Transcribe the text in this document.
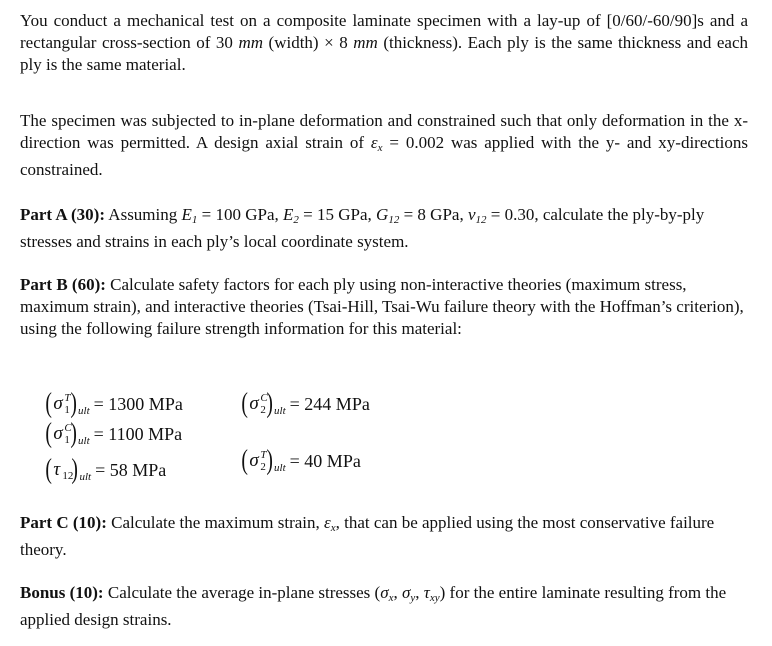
You conduct a mechanical test on a composite laminate specimen with a lay-up of [0/60/-60/90]s and a rectangular cross-section of 30 mm (width) × 8 mm (thickness). Each ply is the same thickness and each ply is the same material.

The specimen was subjected to in-plane deformation and constrained such that only deformation in the x-direction was permitted. A design axial strain of $\varepsilon_x = 0.002$ was applied with the y- and xy-directions constrained.

Part A (30): Assuming $E_1 = 100$ GPa, $E_2 = 15$ GPa, $G_{12} = 8$ GPa, $\nu_{12} = 0.30$, calculate the ply-by-ply stresses and strains in each ply’s local coordinate system.

Part B (60): Calculate safety factors for each ply using non-interactive theories (maximum stress, maximum strain), and interactive theories (Tsai-Hill, Tsai-Wu failure theory with the Hoffman’s criterion), using the following failure strength information for this material:

Part C (10): Calculate the maximum strain, $\varepsilon_x$, that can be applied using the most conservative failure theory.

Bonus (10): Calculate the average in-plane stresses ($\sigma_x$, $\sigma_y$, $\tau_{xy}$) for the entire laminate resulting from the applied design strains.

( σ T
1 ) ult = 1300 MPa
( σ C
1 ) ult = 1100 MPa
( τ 12
) ult = 58 MPa
( σ C
2 ) ult = 244 MPa
( σ T
2 ) ult = 40 MPa
